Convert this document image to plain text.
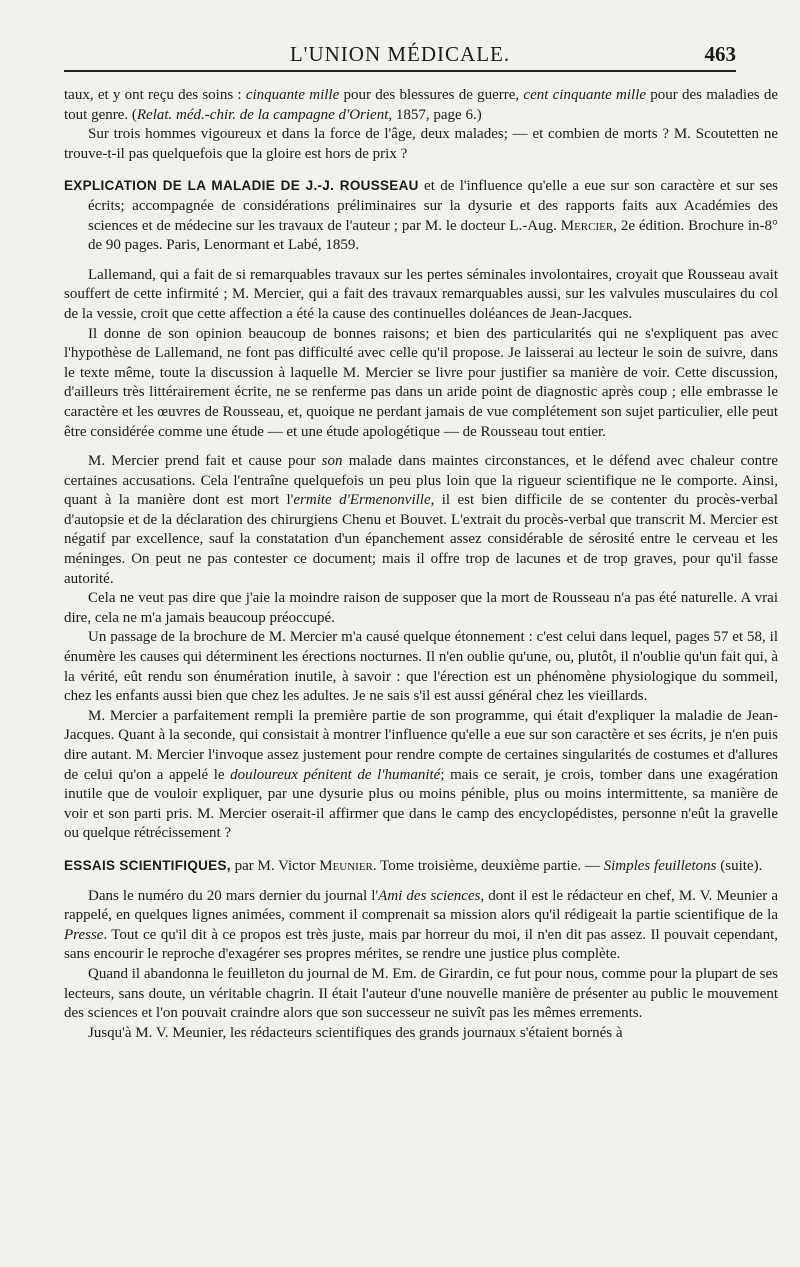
L'UNION MÉDICALE.	463

taux, et y ont reçu des soins : cinquante mille pour des blessures de guerre, cent cinquante mille pour des maladies de tout genre. (Relat. méd.-chir. de la campagne d'Orient, 1857, page 6.)

Sur trois hommes vigoureux et dans la force de l'âge, deux malades; — et combien de morts ? M. Scoutetten ne trouve-t-il pas quelquefois que la gloire est hors de prix ?

EXPLICATION DE LA MALADIE DE J.-J. ROUSSEAU et de l'influence qu'elle a eue sur son caractère et sur ses écrits; accompagnée de considérations préliminaires sur la dysurie et des rapports faits aux Académies des sciences et de médecine sur les travaux de l'auteur ; par M. le docteur L.-Aug. Mercier, 2e édition. Brochure in-8° de 90 pages. Paris, Lenormant et Labé, 1859.

Lallemand, qui a fait de si remarquables travaux sur les pertes séminales involontaires, croyait que Rousseau avait souffert de cette infirmité ; M. Mercier, qui a fait des travaux remarquables aussi, sur les valvules musculaires du col de la vessie, croit que cette affection a été la cause des continuelles doléances de Jean-Jacques.

Il donne de son opinion beaucoup de bonnes raisons; et bien des particularités qui ne s'expliquent pas avec l'hypothèse de Lallemand, ne font pas difficulté avec celle qu'il propose. Je laisserai au lecteur le soin de suivre, dans le texte même, toute la discussion à laquelle M. Mercier se livre pour justifier sa manière de voir. Cette discussion, d'ailleurs très littérairement écrite, ne se renferme pas dans un aride point de diagnostic après coup ; elle embrasse le caractère et les œuvres de Rousseau, et, quoique ne perdant jamais de vue complétement son sujet particulier, elle peut être considérée comme une étude — et une étude apologétique — de Rousseau tout entier.

M. Mercier prend fait et cause pour son malade dans maintes circonstances, et le défend avec chaleur contre certaines accusations. Cela l'entraîne quelquefois un peu plus loin que la rigueur scientifique ne le comporte. Ainsi, quant à la manière dont est mort l'ermite d'Ermenonville, il est bien difficile de se contenter du procès-verbal d'autopsie et de la déclaration des chirurgiens Chenu et Bouvet. L'extrait du procès-verbal que transcrit M. Mercier est négatif par excellence, sauf la constatation d'un épanchement assez considérable de sérosité entre le cerveau et les méninges. On peut ne pas contester ce document; mais il offre trop de lacunes et de trop graves, pour qu'il fasse autorité.

Cela ne veut pas dire que j'aie la moindre raison de supposer que la mort de Rousseau n'a pas été naturelle. A vrai dire, cela ne m'a jamais beaucoup préoccupé.

Un passage de la brochure de M. Mercier m'a causé quelque étonnement : c'est celui dans lequel, pages 57 et 58, il énumère les causes qui déterminent les érections nocturnes. Il n'en oublie qu'une, ou, plutôt, il n'oublie qu'un fait qui, à la vérité, eût rendu son énumération inutile, à savoir : que l'érection est un phénomène physiologique du sommeil, chez les enfants aussi bien que chez les adultes. Je ne sais s'il est aussi général chez les vieillards.

M. Mercier a parfaitement rempli la première partie de son programme, qui était d'expliquer la maladie de Jean-Jacques. Quant à la seconde, qui consistait à montrer l'influence qu'elle a eue sur son caractère et ses écrits, je n'en puis dire autant. M. Mercier l'invoque assez justement pour rendre compte de certaines singularités de costumes et d'allures de celui qu'on a appelé le douloureux pénitent de l'humanité; mais ce serait, je crois, tomber dans une exagération inutile que de vouloir expliquer, par une dysurie plus ou moins pénible, plus ou moins intermittente, sa manière de voir et son parti pris. M. Mercier oserait-il affirmer que dans le camp des encyclopédistes, personne n'eût la gravelle ou quelque rétrécissement ?

ESSAIS SCIENTIFIQUES, par M. Victor Meunier. Tome troisième, deuxième partie. — Simples feuilletons (suite).

Dans le numéro du 20 mars dernier du journal l'Ami des sciences, dont il est le rédacteur en chef, M. V. Meunier a rappelé, en quelques lignes animées, comment il comprenait sa mission alors qu'il rédigeait la partie scientifique de la Presse. Tout ce qu'il dit à ce propos est très juste, mais par horreur du moi, il n'en dit pas assez. Il pouvait cependant, sans encourir le reproche d'exagérer ses propres mérites, se rendre une justice plus complète.

Quand il abandonna le feuilleton du journal de M. Em. de Girardin, ce fut pour nous, comme pour la plupart de ses lecteurs, sans doute, un véritable chagrin. Il était l'auteur d'une nouvelle manière de présenter au public le mouvement des sciences et l'on pouvait craindre alors que son successeur ne suivît pas les mêmes errements.

Jusqu'à M. V. Meunier, les rédacteurs scientifiques des grands journaux s'étaient bornés à
